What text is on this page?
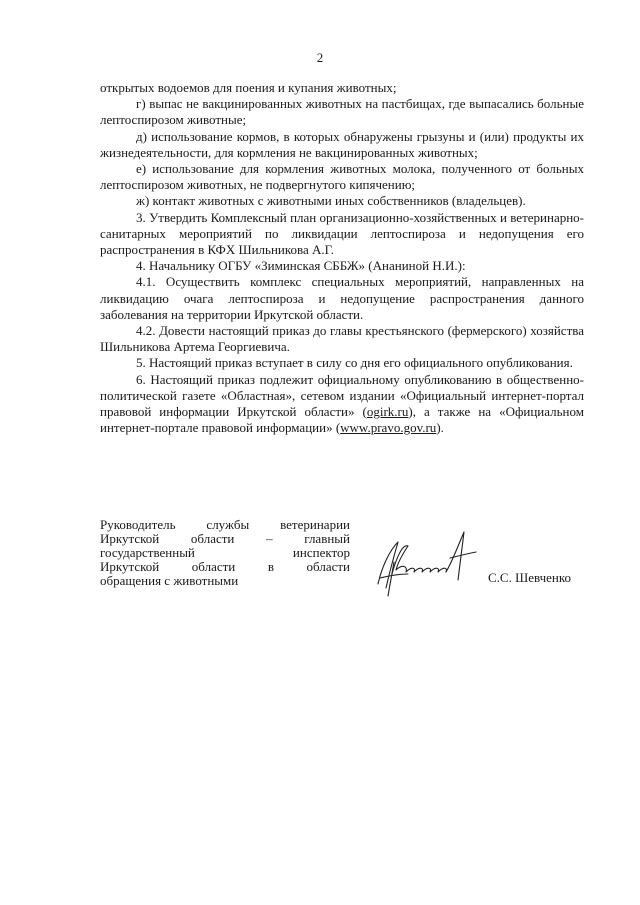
2

открытых водоемов для поения и купания животных;

г) выпас не вакцинированных животных на пастбищах, где выпасались больные лептоспирозом животные;

д) использование кормов, в которых обнаружены грызуны и (или) продукты их жизнедеятельности, для кормления не вакцинированных животных;

е) использование для кормления животных молока, полученного от больных лептоспирозом животных, не подвергнутого кипячению;

ж) контакт животных с животными иных собственников (владельцев).

3. Утвердить Комплексный план организационно-хозяйственных и ветеринарно-санитарных мероприятий по ликвидации лептоспироза и недопущения его распространения в КФХ Шильникова А.Г.

4. Начальнику ОГБУ «Зиминская СББЖ» (Ананиной Н.И.):

4.1. Осуществить комплекс специальных мероприятий, направленных на ликвидацию очага лептоспироза и недопущение распространения данного заболевания на территории Иркутской области.

4.2. Довести настоящий приказ до главы крестьянского (фермерского) хозяйства Шильникова Артема Георгиевича.

5. Настоящий приказ вступает в силу со дня его официального опубликования.

6. Настоящий приказ подлежит официальному опубликованию в общественно-политической газете «Областная», сетевом издании «Официальный интернет-портал правовой информации Иркутской области» (ogirk.ru), а также на «Официальном интернет-портале правовой информации» (www.pravo.gov.ru).

Руководитель службы ветеринарии
Иркутской области – главный
государственный инспектор
Иркутской области в области
обращения с животными	С.С. Шевченко
